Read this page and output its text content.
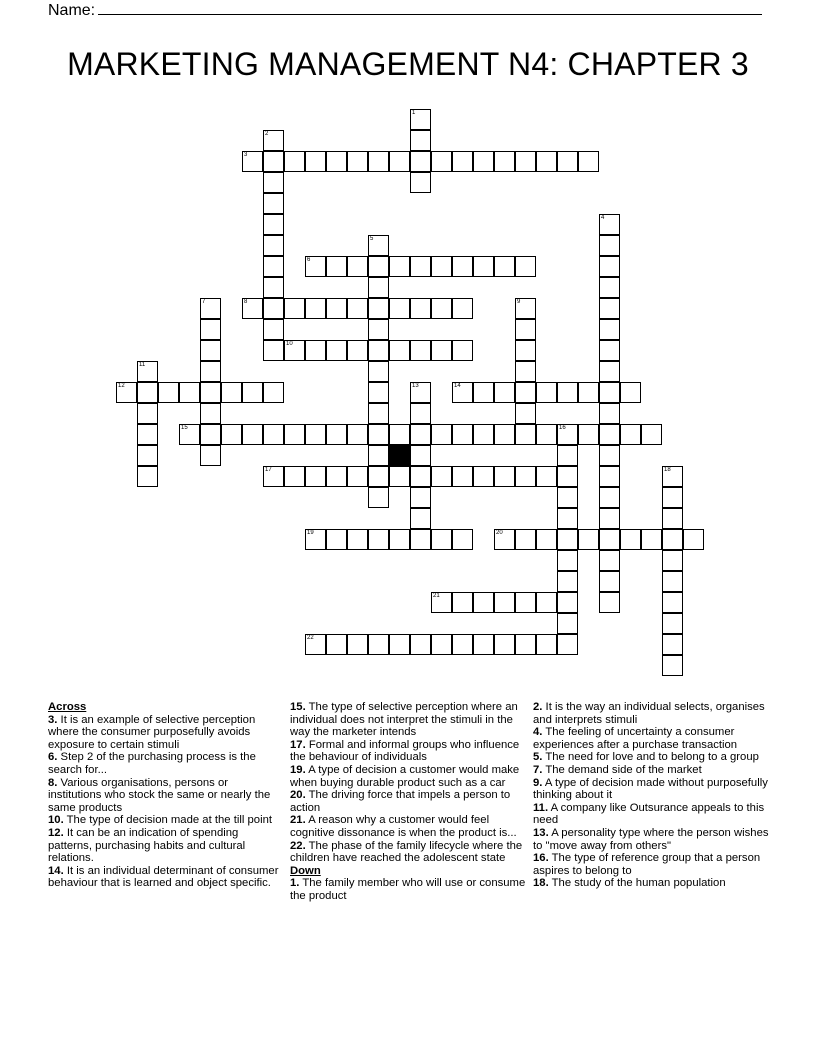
Name:
MARKETING MANAGEMENT N4: CHAPTER 3
3
6
8
10
12	14
15	16
17
19	20
21
22
1
2
4
5
7	9
11
13
18
Across
3. It is an example of selective perception where the consumer purposefully avoids exposure to certain stimuli
6. Step 2 of the purchasing process is the search for...
8. Various organisations, persons or institutions who stock the same or nearly the same products
10. The type of decision made at the till point
12. It can be an indication of spending patterns, purchasing habits and cultural relations.
14. It is an individual determinant of consumer behaviour that is learned and object specific.
15. The type of selective perception where an individual does not interpret the stimuli in the way the marketer intends
17. Formal and informal groups who influence the behaviour of individuals
19. A type of decision a customer would make when buying durable product such as a car
20. The driving force that impels a person to action
21. A reason why a customer would feel cognitive dissonance is when the product is...
22. The phase of the family lifecycle where the children have reached the adolescent state
Down
1. The family member who will use or consume the product
2. It is the way an individual selects, organises and interprets stimuli
4. The feeling of uncertainty a consumer experiences after a purchase transaction
5. The need for love and to belong to a group
7. The demand side of the market
9. A type of decision made without purposefully thinking about it
11. A company like Outsurance appeals to this need
13. A personality type where the person wishes to "move away from others"
16. The type of reference group that a person aspires to belong to
18. The study of the human population
